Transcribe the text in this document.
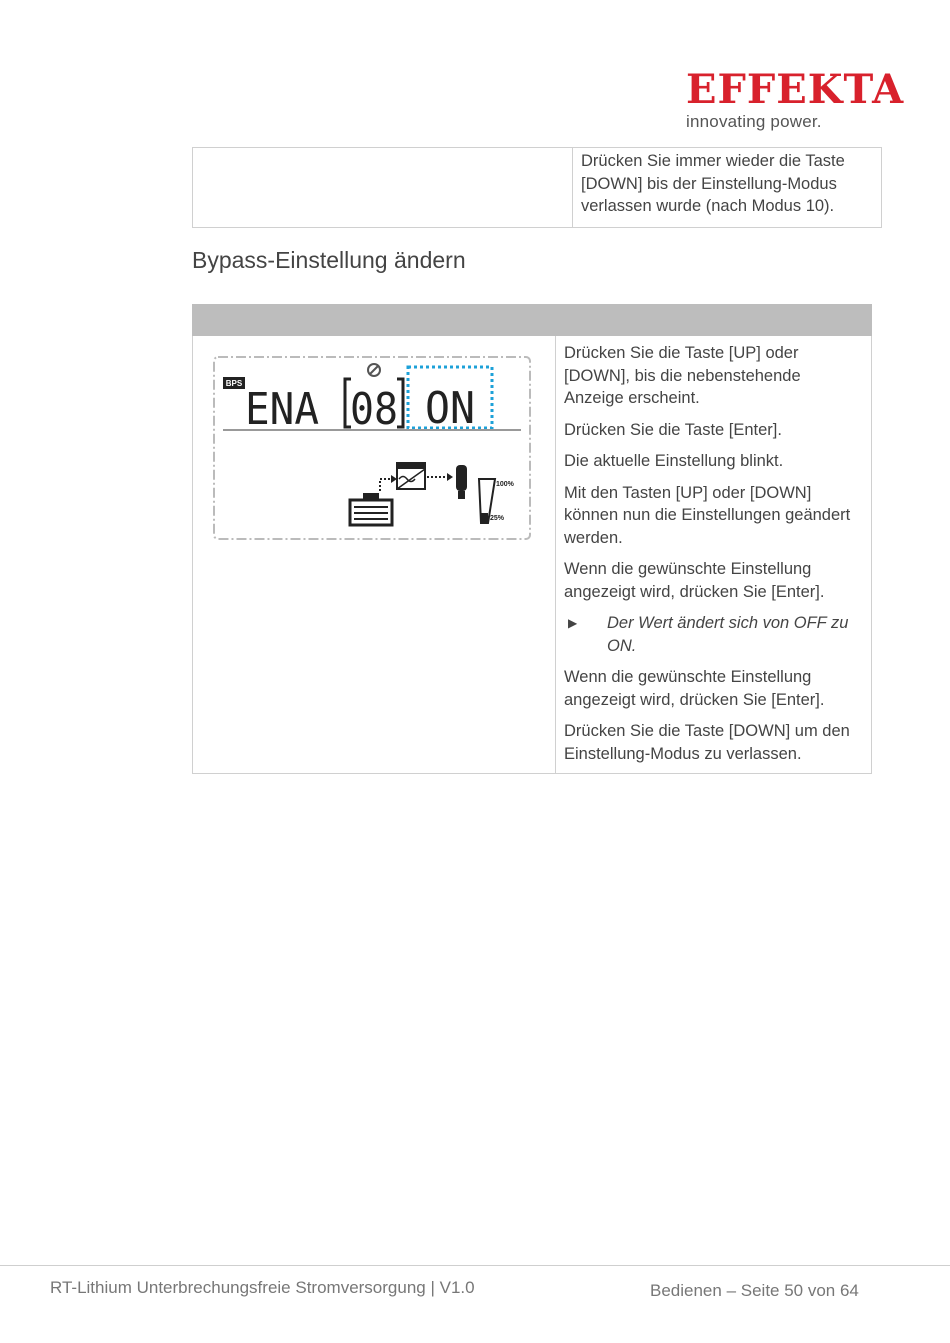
EFFEKTA
innovating power.
	Drücken Sie immer wieder die Taste [DOWN] bis der Einstellung-Modus verlassen wurde (nach Modus 10).
Bypass-Einstellung ändern

BPS
ENA 08 ON
100%
25%

Drücken Sie die Taste [UP] oder [DOWN], bis die nebenstehende Anzeige erscheint.

Drücken Sie die Taste [Enter].

Die aktuelle Einstellung blinkt.

Mit den Tasten [UP] oder [DOWN] können nun die Einstellungen geändert werden.

Wenn die gewünschte Einstellung angezeigt wird, drücken Sie [Enter].

▶	Der Wert ändert sich von OFF zu ON.

Wenn die gewünschte Einstellung angezeigt wird, drücken Sie [Enter].

Drücken Sie die Taste [DOWN] um den Einstellung-Modus zu verlassen.

RT-Lithium Unterbrechungsfreie Stromversorgung | V1.0	Bedienen – Seite 50 von 64
